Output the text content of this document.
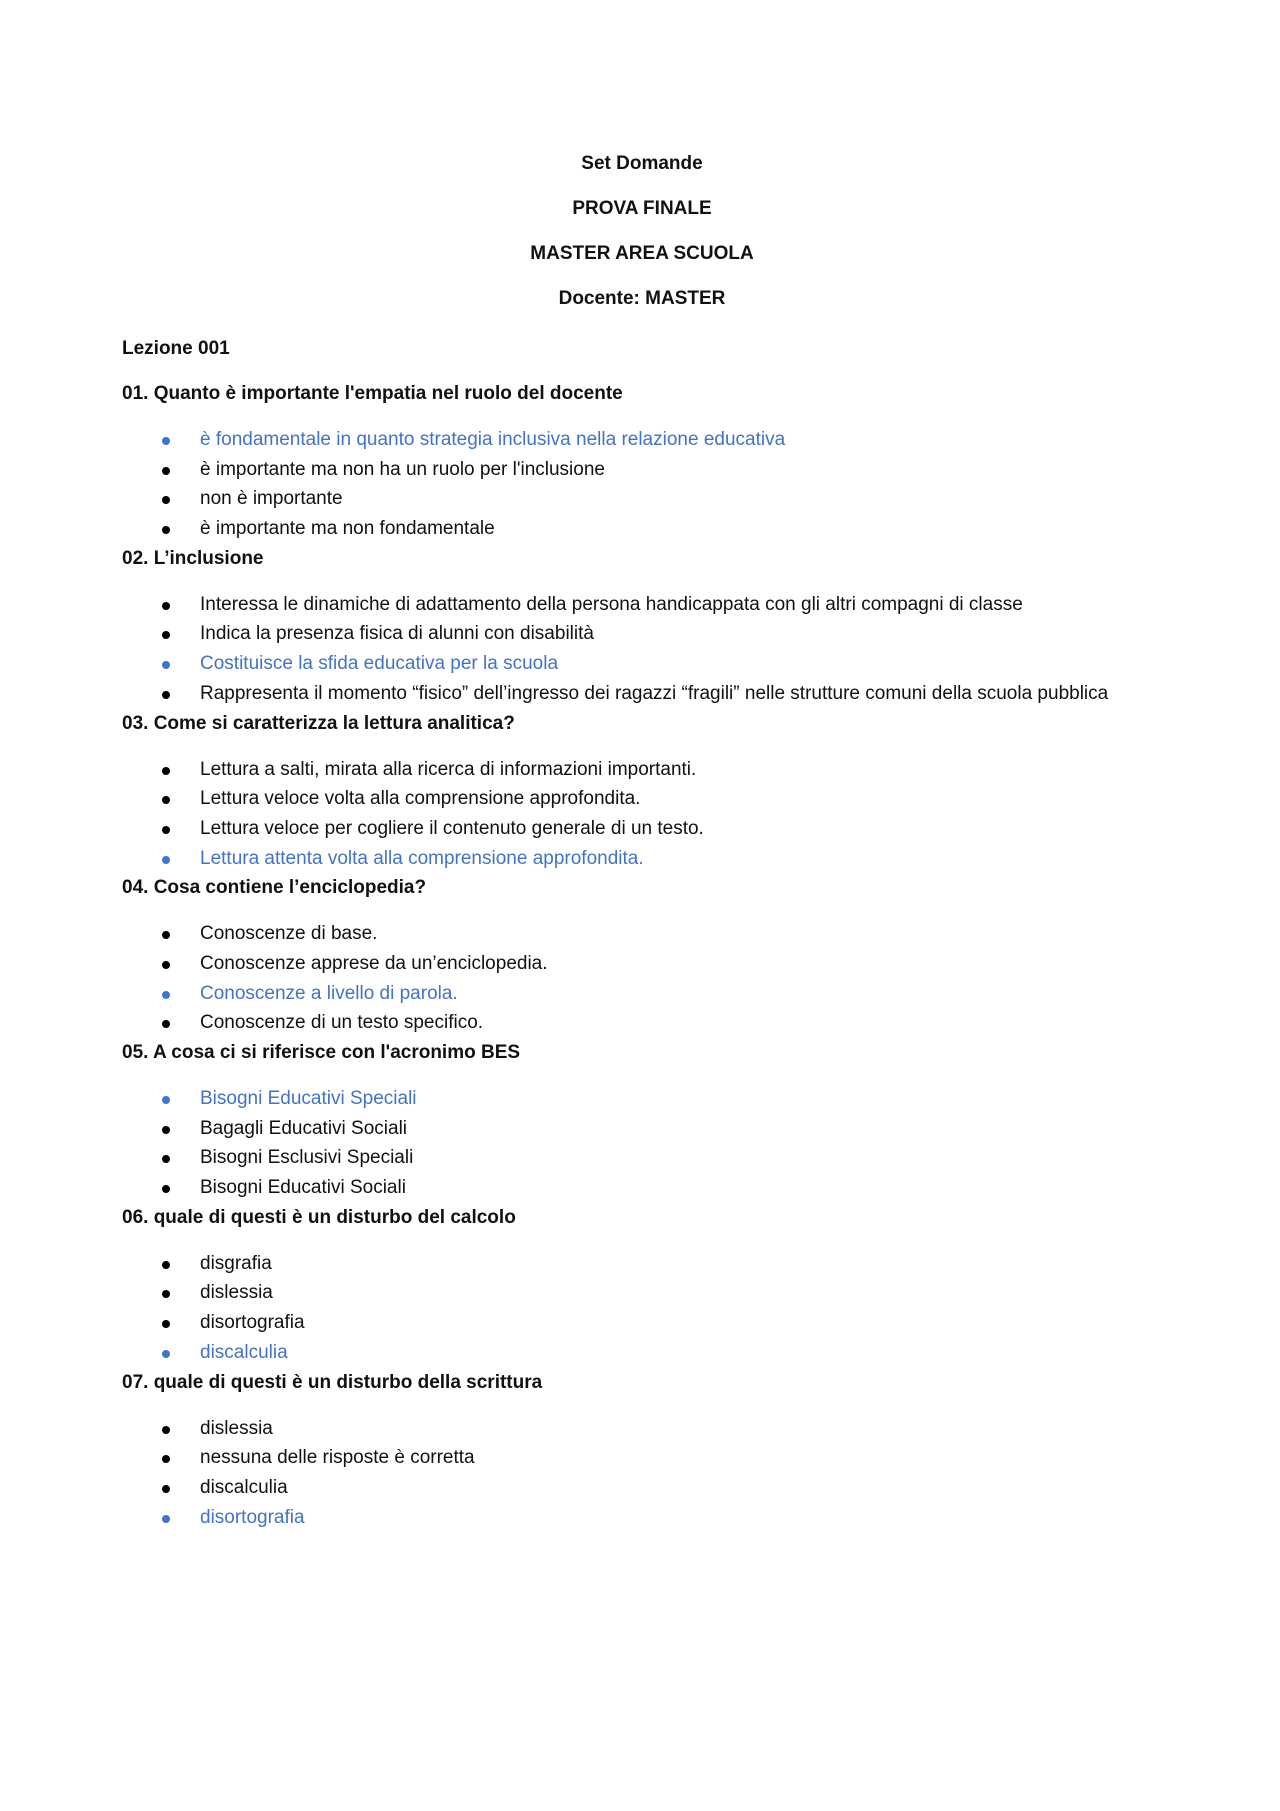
Set Domande
PROVA FINALE
MASTER AREA SCUOLA
Docente: MASTER
Lezione 001
01. Quanto è importante l'empatia nel ruolo del docente
è fondamentale in quanto strategia inclusiva nella relazione educativa
è importante ma non ha un ruolo per l'inclusione
non è importante
è importante ma non fondamentale
02. L’inclusione
Interessa le dinamiche di adattamento della persona handicappata con gli altri compagni di classe
Indica la presenza fisica di alunni con disabilità
Costituisce la sfida educativa per la scuola
Rappresenta il momento “fisico” dell’ingresso dei ragazzi “fragili” nelle strutture comuni della scuola pubblica
03. Come si caratterizza la lettura analitica?
Lettura a salti, mirata alla ricerca di informazioni importanti.
Lettura veloce volta alla comprensione approfondita.
Lettura veloce per cogliere il contenuto generale di un testo.
Lettura attenta volta alla comprensione approfondita.
04. Cosa contiene l’enciclopedia?
Conoscenze di base.
Conoscenze apprese da un’enciclopedia.
Conoscenze a livello di parola.
Conoscenze di un testo specifico.
05. A cosa ci si riferisce con l'acronimo BES
Bisogni Educativi Speciali
Bagagli Educativi Sociali
Bisogni Esclusivi Speciali
Bisogni Educativi Sociali
06. quale di questi è un disturbo del calcolo
disgrafia
dislessia
disortografia
discalculia
07. quale di questi è un disturbo della scrittura
dislessia
nessuna delle risposte è corretta
discalculia
disortografia
